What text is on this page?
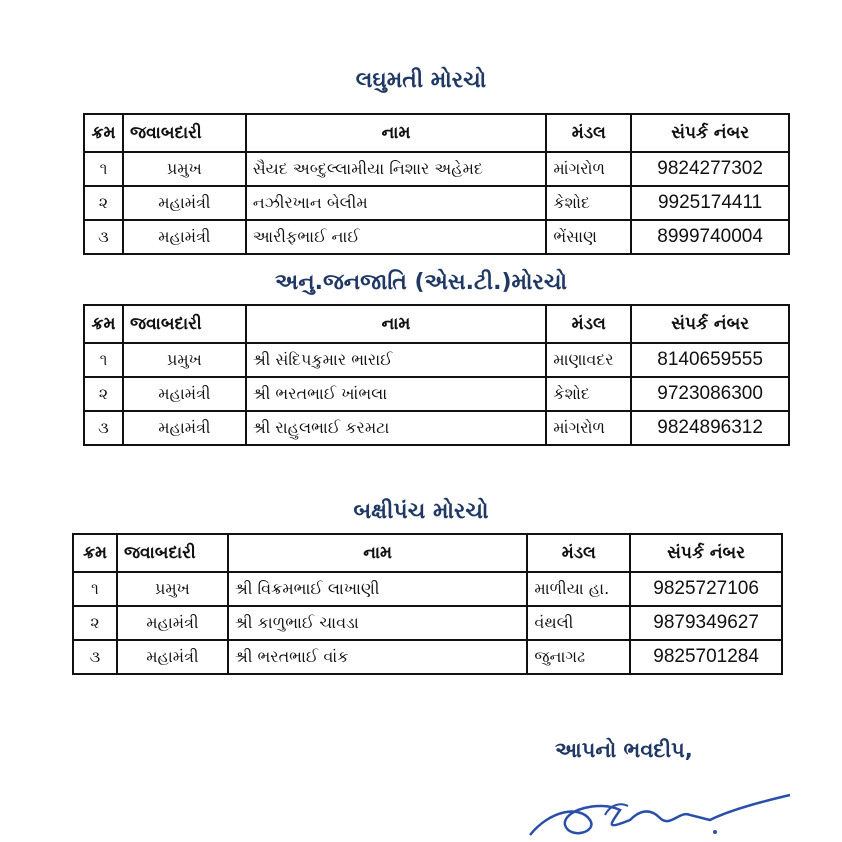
લઘુમતી મોરચો
ક્રમ	જવાબદારી	નામ	મંડલ	સંપર્ક નંબર
૧	પ્રમુખ	સૈયદ અબ્દુલ્લામીયા નિશાર અહેમદ	માંગરોળ	9824277302
૨	મહામંત્રી	નઝીરખાન બેલીમ	કેશોદ	9925174411
૩	મહામંત્રી	આરીફભાઈ નાઈ	ભેંસાણ	8999740004
અનુ.જનજાતિ (એસ.ટી.)મોરચો
ક્રમ	જવાબદારી	નામ	મંડલ	સંપર્ક નંબર
૧	પ્રમુખ	શ્રી સંદિપકુમાર ભારાઈ	માણાવદર	8140659555
૨	મહામંત્રી	શ્રી ભરતભાઈ ખાંભલા	કેશોદ	9723086300
૩	મહામંત્રી	શ્રી રાહુલભાઈ કરમટા	માંગરોળ	9824896312
બક્ષીપંચ મોરચો
ક્રમ	જવાબદારી	નામ	મંડલ	સંપર્ક નંબર
૧	પ્રમુખ	શ્રી વિક્રમભાઈ લાખાણી	માળીયા હા.	9825727106
૨	મહામંત્રી	શ્રી કાળુભાઈ ચાવડા	વંથલી	9879349627
૩	મહામંત્રી	શ્રી ભરતભાઈ વાંક	જુનાગઢ	9825701284
આપનો ભવદીપ,
